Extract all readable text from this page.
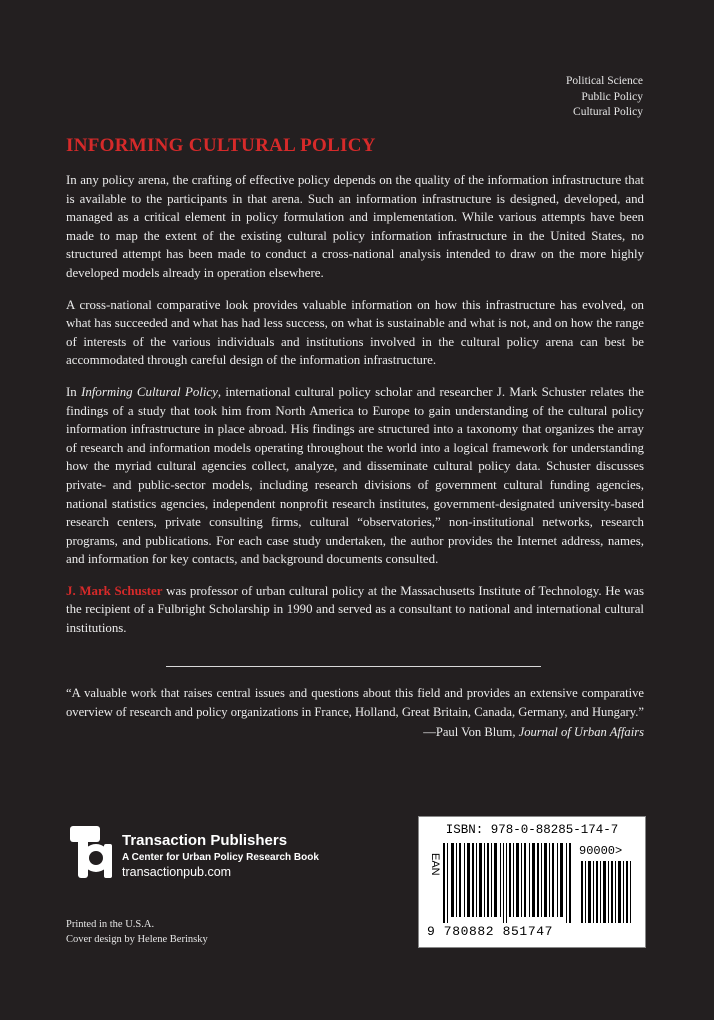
Political Science
Public Policy
Cultural Policy
INFORMING CULTURAL POLICY

In any policy arena, the crafting of effective policy depends on the quality of the information infrastructure that is available to the participants in that arena. Such an information infrastructure is designed, developed, and managed as a critical element in policy formulation and implementation. While various attempts have been made to map the extent of the existing cultural policy information infrastructure in the United States, no structured attempt has been made to conduct a cross-national analysis intended to draw on the more highly developed models already in operation elsewhere.

A cross-national comparative look provides valuable information on how this infrastructure has evolved, on what has succeeded and what has had less success, on what is sustainable and what is not, and on how the range of interests of the various individuals and institutions involved in the cultural policy arena can best be accommodated through careful design of the information infrastructure.

In Informing Cultural Policy, international cultural policy scholar and researcher J. Mark Schuster relates the findings of a study that took him from North America to Europe to gain understanding of the cultural policy information infrastructure in place abroad. His findings are structured into a taxonomy that organizes the array of research and information models operating throughout the world into a logical framework for understanding how the myriad cultural agencies collect, analyze, and disseminate cultural policy data. Schuster discusses private- and public-sector models, including research divisions of government cultural funding agencies, national statistics agencies, independent nonprofit research institutes, government-designated university-based research centers, private consulting firms, cultural “observatories,” non-institutional networks, research programs, and publications. For each case study undertaken, the author provides the Internet address, names, and information for key contacts, and background documents consulted.

J. Mark Schuster was professor of urban cultural policy at the Massachusetts Institute of Technology. He was the recipient of a Fulbright Scholarship in 1990 and served as a consultant to national and international cultural institutions.

“A valuable work that raises central issues and questions about this field and provides an extensive comparative overview of research and policy organizations in France, Holland, Great Britain, Canada, Germany, and Hungary.”

—Paul Von Blum, Journal of Urban Affairs

Transaction Publishers
A Center for Urban Policy Research Book
transactionpub.com
ISBN: 978-0-88285-174-7
EAN
90000>
9 780882 851747
Printed in the U.S.A.
Cover design by Helene Berinsky
